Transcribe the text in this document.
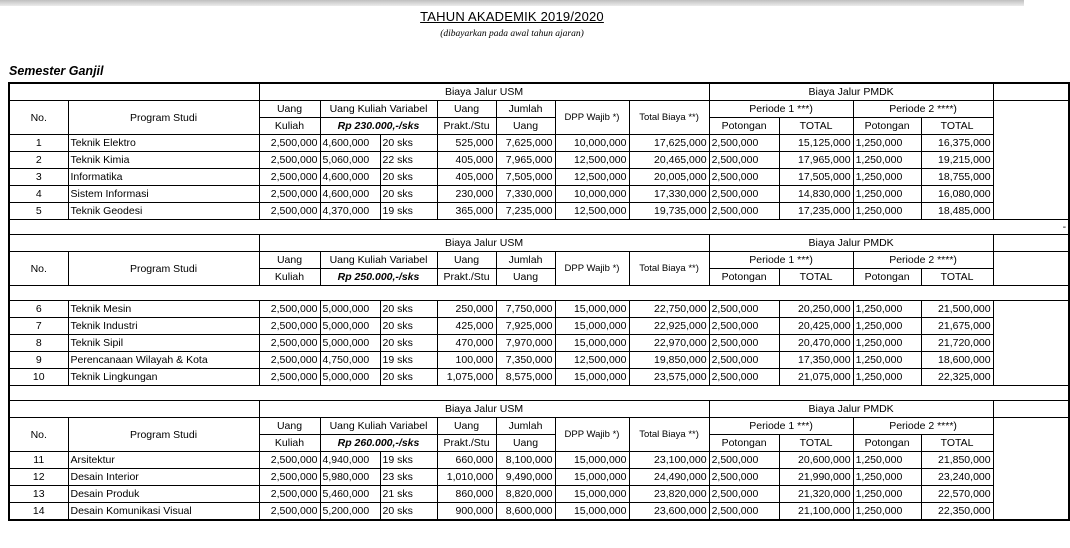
TAHUN AKADEMIK 2019/2020
(dibayarkan pada awal tahun ajaran)
Semester Ganjil
		Biaya Jalur USM							Biaya Jalur PMDK				
No.	Program Studi	Uang	Uang Kuliah Variabel		Uang	Jumlah	DPP Wajib *)	Total Biaya **)	Periode 1 ***)		Periode 2 ****)		
		Kuliah	Rp 230.000,-/sks		Prakt./Stu	Uang			Potongan	TOTAL	Potongan	TOTAL	
1	Teknik Elektro	2,500,000	4,600,000	20 sks	525,000	7,625,000	10,000,000	17,625,000	2,500,000	15,125,000	1,250,000	16,375,000	
2	Teknik Kimia	2,500,000	5,060,000	22 sks	405,000	7,965,000	12,500,000	20,465,000	2,500,000	17,965,000	1,250,000	19,215,000	
3	Informatika	2,500,000	4,600,000	20 sks	405,000	7,505,000	12,500,000	20,005,000	2,500,000	17,505,000	1,250,000	18,755,000	
4	Sistem Informasi	2,500,000	4,600,000	20 sks	230,000	7,330,000	10,000,000	17,330,000	2,500,000	14,830,000	1,250,000	16,080,000	
5	Teknik Geodesi	2,500,000	4,370,000	19 sks	365,000	7,235,000	12,500,000	19,735,000	2,500,000	17,235,000	1,250,000	18,485,000	
													-
		Biaya Jalur USM							Biaya Jalur PMDK				
No.	Program Studi	Uang	Uang Kuliah Variabel		Uang	Jumlah	DPP Wajib *)	Total Biaya **)	Periode 1 ***)		Periode 2 ****)		
		Kuliah	Rp 250.000,-/sks		Prakt./Stu	Uang			Potongan	TOTAL	Potongan	TOTAL	

6	Teknik Mesin	2,500,000	5,000,000	20 sks	250,000	7,750,000	15,000,000	22,750,000	2,500,000	20,250,000	1,250,000	21,500,000	
7	Teknik Industri	2,500,000	5,000,000	20 sks	425,000	7,925,000	15,000,000	22,925,000	2,500,000	20,425,000	1,250,000	21,675,000	
8	Teknik Sipil	2,500,000	5,000,000	20 sks	470,000	7,970,000	15,000,000	22,970,000	2,500,000	20,470,000	1,250,000	21,720,000	
9	Perencanaan Wilayah & Kota	2,500,000	4,750,000	19 sks	100,000	7,350,000	12,500,000	19,850,000	2,500,000	17,350,000	1,250,000	18,600,000	
10	Teknik Lingkungan	2,500,000	5,000,000	20 sks	1,075,000	8,575,000	15,000,000	23,575,000	2,500,000	21,075,000	1,250,000	22,325,000	

		Biaya Jalur USM							Biaya Jalur PMDK				
No.	Program Studi	Uang	Uang Kuliah Variabel		Uang	Jumlah	DPP Wajib *)	Total Biaya **)	Periode 1 ***)		Periode 2 ****)		
		Kuliah	Rp 260.000,-/sks		Prakt./Stu	Uang			Potongan	TOTAL	Potongan	TOTAL	
11	Arsitektur	2,500,000	4,940,000	19 sks	660,000	8,100,000	15,000,000	23,100,000	2,500,000	20,600,000	1,250,000	21,850,000	
12	Desain Interior	2,500,000	5,980,000	23 sks	1,010,000	9,490,000	15,000,000	24,490,000	2,500,000	21,990,000	1,250,000	23,240,000	
13	Desain Produk	2,500,000	5,460,000	21 sks	860,000	8,820,000	15,000,000	23,820,000	2,500,000	21,320,000	1,250,000	22,570,000	
14	Desain Komunikasi Visual	2,500,000	5,200,000	20 sks	900,000	8,600,000	15,000,000	23,600,000	2,500,000	21,100,000	1,250,000	22,350,000	
